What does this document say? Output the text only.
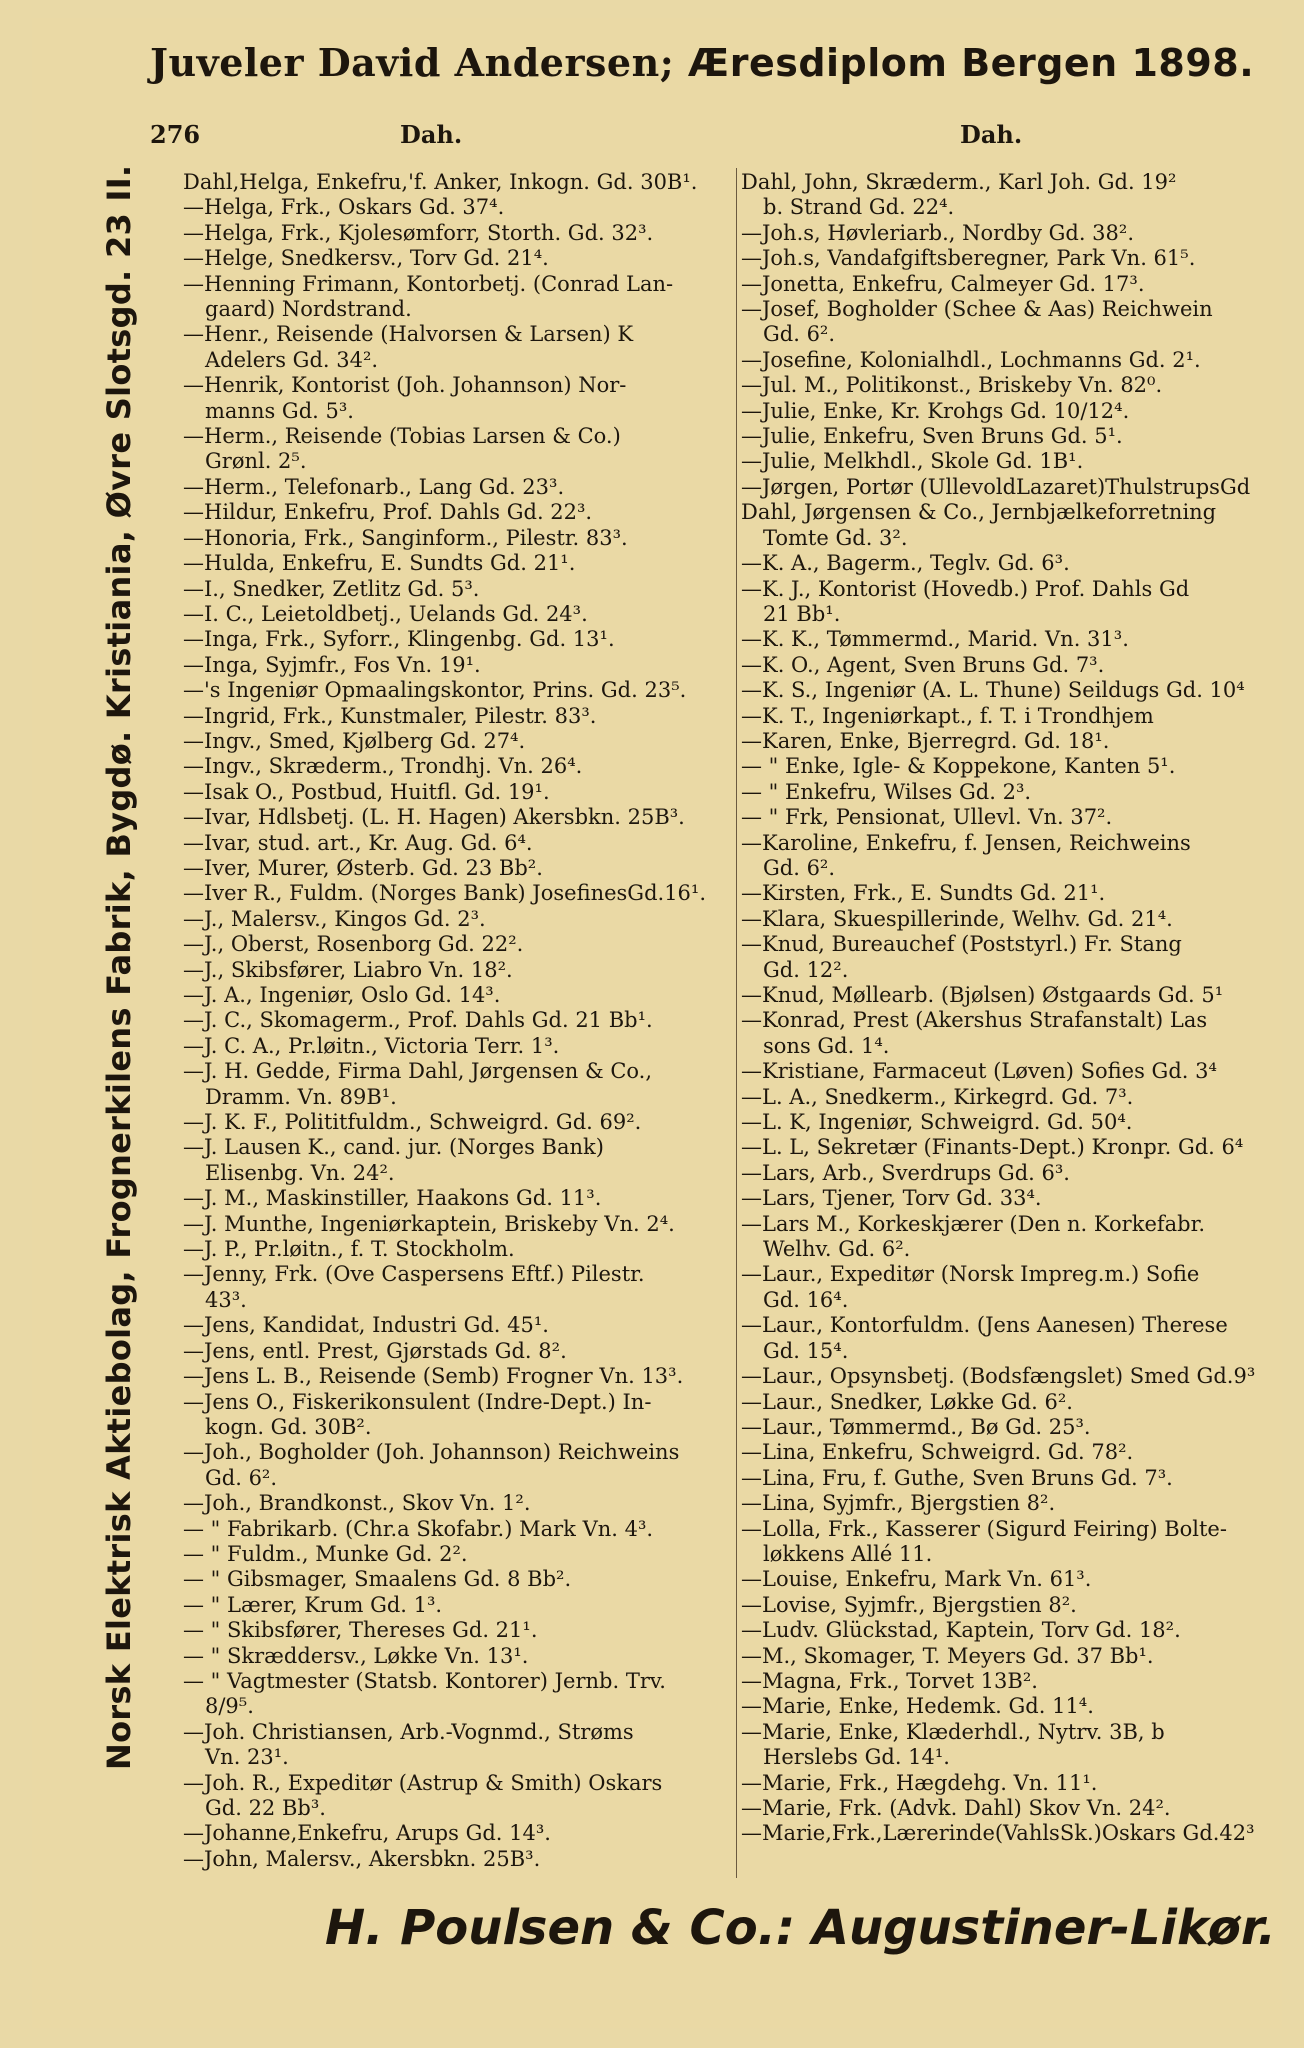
Juveler David Andersen; Æresdiplom Bergen 1898.
276	Dah.	Dah.
Norsk Elektrisk Aktiebolag, Frognerkilens Fabrik, Bygdø. Kristiania, Øvre Slotsgd. 23 II. Dahl,Helga, Enkefru,'f. Anker, Inkogn. Gd. 30B¹.
—Helga, Frk., Oskars Gd. 37⁴.
—Helga, Frk., Kjolesømforr, Storth. Gd. 32³.
—Helge, Snedkersv., Torv Gd. 21⁴.
—Henning Frimann, Kontorbetj. (Conrad Lan-
gaard) Nordstrand.
—Henr., Reisende (Halvorsen & Larsen) K
Adelers Gd. 34².
—Henrik, Kontorist (Joh. Johannson) Nor-
manns Gd. 5³.
—Herm., Reisende (Tobias Larsen & Co.)
Grønl. 2⁵.
—Herm., Telefonarb., Lang Gd. 23³.
—Hildur, Enkefru, Prof. Dahls Gd. 22³.
—Honoria, Frk., Sanginform., Pilestr. 83³.
—Hulda, Enkefru, E. Sundts Gd. 21¹.
—I., Snedker, Zetlitz Gd. 5³.
—I. C., Leietoldbetj., Uelands Gd. 24³.
—Inga, Frk., Syforr., Klingenbg. Gd. 13¹.
—Inga, Syjmfr., Fos Vn. 19¹.
—'s Ingeniør Opmaalingskontor, Prins. Gd. 23⁵.
—Ingrid, Frk., Kunstmaler, Pilestr. 83³.
—Ingv., Smed, Kjølberg Gd. 27⁴.
—Ingv., Skræderm., Trondhj. Vn. 26⁴.
—Isak O., Postbud, Huitfl. Gd. 19¹.
—Ivar, Hdlsbetj. (L. H. Hagen) Akersbkn. 25B³.
—Ivar, stud. art., Kr. Aug. Gd. 6⁴.
—Iver, Murer, Østerb. Gd. 23 Bb².
—Iver R., Fuldm. (Norges Bank) JosefinesGd.16¹.
—J., Malersv., Kingos Gd. 2³.
—J., Oberst, Rosenborg Gd. 22².
—J., Skibsfører, Liabro Vn. 18².
—J. A., Ingeniør, Oslo Gd. 14³.
—J. C., Skomagerm., Prof. Dahls Gd. 21 Bb¹.
—J. C. A., Pr.løitn., Victoria Terr. 1³.
—J. H. Gedde, Firma Dahl, Jørgensen & Co.,
Dramm. Vn. 89B¹.
—J. K. F., Polititfuldm., Schweigrd. Gd. 69².
—J. Lausen K., cand. jur. (Norges Bank)
Elisenbg. Vn. 24².
—J. M., Maskinstiller, Haakons Gd. 11³.
—J. Munthe, Ingeniørkaptein, Briskeby Vn. 2⁴.
—J. P., Pr.løitn., f. T. Stockholm.
—Jenny, Frk. (Ove Caspersens Eftf.) Pilestr.
43³.
—Jens, Kandidat, Industri Gd. 45¹.
—Jens, entl. Prest, Gjørstads Gd. 8².
—Jens L. B., Reisende (Semb) Frogner Vn. 13³.
—Jens O., Fiskerikonsulent (Indre-Dept.) In-
kogn. Gd. 30B².
—Joh., Bogholder (Joh. Johannson) Reichweins
Gd. 6².
—Joh., Brandkonst., Skov Vn. 1².
— " Fabrikarb. (Chr.a Skofabr.) Mark Vn. 4³.
— " Fuldm., Munke Gd. 2².
— " Gibsmager, Smaalens Gd. 8 Bb².
— " Lærer, Krum Gd. 1³.
— " Skibsfører, Thereses Gd. 21¹.
— " Skræddersv., Løkke Vn. 13¹.
— " Vagtmester (Statsb. Kontorer) Jernb. Trv.
8/9⁵.
—Joh. Christiansen, Arb.-Vognmd., Strøms
Vn. 23¹.
—Joh. R., Expeditør (Astrup & Smith) Oskars
Gd. 22 Bb³.
—Johanne,Enkefru, Arups Gd. 14³.
—John, Malersv., Akersbkn. 25B³.
Dahl, John, Skræderm., Karl Joh. Gd. 19²
b. Strand Gd. 22⁴.
—Joh.s, Høvleriarb., Nordby Gd. 38².
—Joh.s, Vandafgiftsberegner, Park Vn. 61⁵.
—Jonetta, Enkefru, Calmeyer Gd. 17³.
—Josef, Bogholder (Schee & Aas) Reichwein
Gd. 6².
—Josefine, Kolonialhdl., Lochmanns Gd. 2¹.
—Jul. M., Politikonst., Briskeby Vn. 82⁰.
—Julie, Enke, Kr. Krohgs Gd. 10/12⁴.
—Julie, Enkefru, Sven Bruns Gd. 5¹.
—Julie, Melkhdl., Skole Gd. 1B¹.
—Jørgen, Portør (UllevoldLazaret)ThulstrupsGd
Dahl, Jørgensen & Co., Jernbjælkeforretning
Tomte Gd. 3².
—K. A., Bagerm., Teglv. Gd. 6³.
—K. J., Kontorist (Hovedb.) Prof. Dahls Gd
21 Bb¹.
—K. K., Tømmermd., Marid. Vn. 31³.
—K. O., Agent, Sven Bruns Gd. 7³.
—K. S., Ingeniør (A. L. Thune) Seildugs Gd. 10⁴
—K. T., Ingeniørkapt., f. T. i Trondhjem
—Karen, Enke, Bjerregrd. Gd. 18¹.
— " Enke, Igle- & Koppekone, Kanten 5¹.
— " Enkefru, Wilses Gd. 2³.
— " Frk, Pensionat, Ullevl. Vn. 37².
—Karoline, Enkefru, f. Jensen, Reichweins
Gd. 6².
—Kirsten, Frk., E. Sundts Gd. 21¹.
—Klara, Skuespillerinde, Welhv. Gd. 21⁴.
—Knud, Bureauchef (Poststyrl.) Fr. Stang
Gd. 12².
—Knud, Møllearb. (Bjølsen) Østgaards Gd. 5¹
—Konrad, Prest (Akershus Strafanstalt) Las
sons Gd. 1⁴.
—Kristiane, Farmaceut (Løven) Sofies Gd. 3⁴
—L. A., Snedkerm., Kirkegrd. Gd. 7³.
—L. K, Ingeniør, Schweigrd. Gd. 50⁴.
—L. L, Sekretær (Finants-Dept.) Kronpr. Gd. 6⁴
—Lars, Arb., Sverdrups Gd. 6³.
—Lars, Tjener, Torv Gd. 33⁴.
—Lars M., Korkeskjærer (Den n. Korkefabr.
Welhv. Gd. 6².
—Laur., Expeditør (Norsk Impreg.m.) Sofie
Gd. 16⁴.
—Laur., Kontorfuldm. (Jens Aanesen) Therese
Gd. 15⁴.
—Laur., Opsynsbetj. (Bodsfængslet) Smed Gd.9³
—Laur., Snedker, Løkke Gd. 6².
—Laur., Tømmermd., Bø Gd. 25³.
—Lina, Enkefru, Schweigrd. Gd. 78².
—Lina, Fru, f. Guthe, Sven Bruns Gd. 7³.
—Lina, Syjmfr., Bjergstien 8².
—Lolla, Frk., Kasserer (Sigurd Feiring) Bolte-
løkkens Allé 11.
—Louise, Enkefru, Mark Vn. 61³.
—Lovise, Syjmfr., Bjergstien 8².
—Ludv. Glückstad, Kaptein, Torv Gd. 18².
—M., Skomager, T. Meyers Gd. 37 Bb¹.
—Magna, Frk., Torvet 13B².
—Marie, Enke, Hedemk. Gd. 11⁴.
—Marie, Enke, Klæderhdl., Nytrv. 3B, b
Herslebs Gd. 14¹.
—Marie, Frk., Hægdehg. Vn. 11¹.
—Marie, Frk. (Advk. Dahl) Skov Vn. 24².
—Marie,Frk.,Lærerinde(VahlsSk.)Oskars Gd.42³
H. Poulsen & Co.: Augustiner-Likør.
